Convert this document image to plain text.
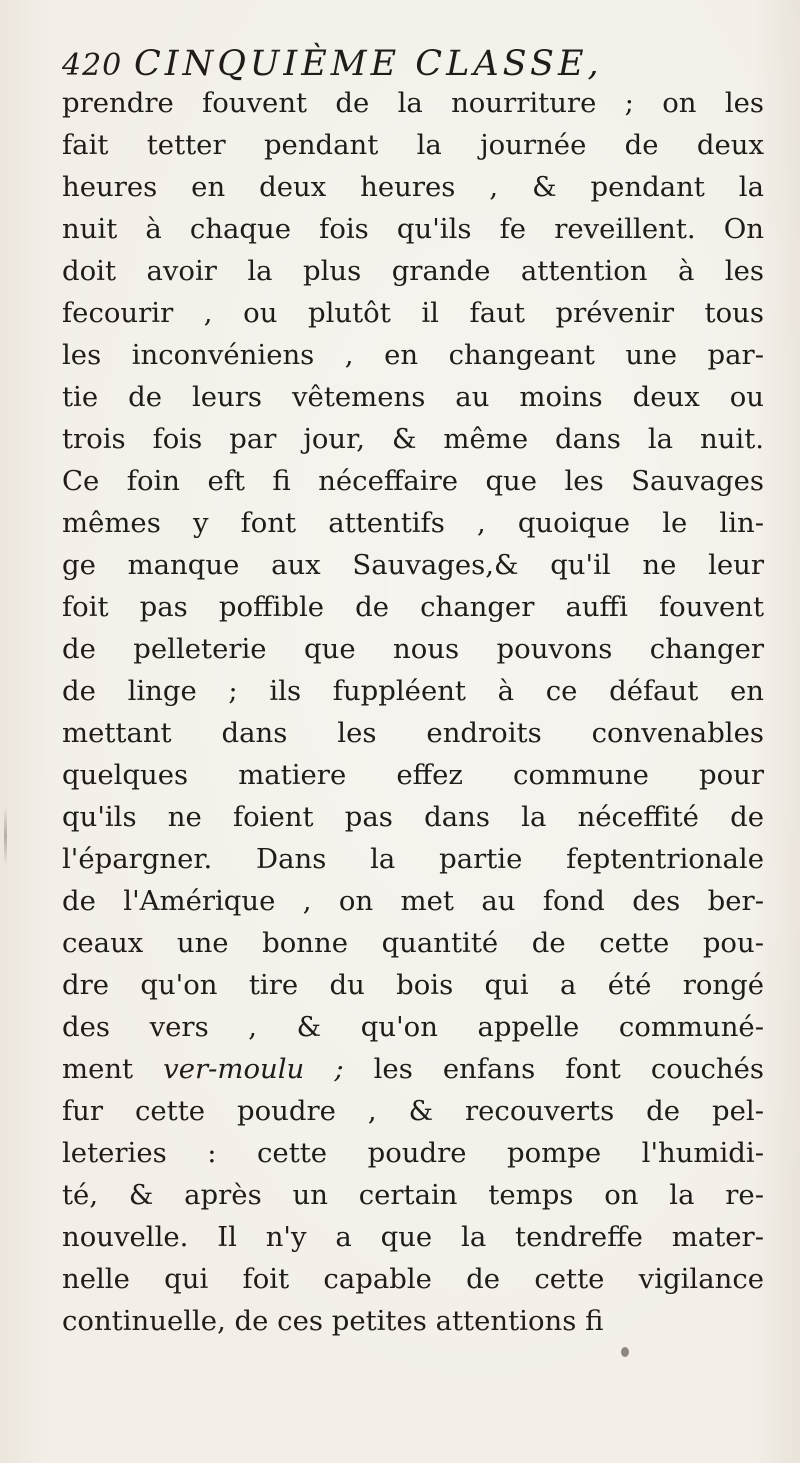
420 CINQUIÈME CLASSE,
prendre fouvent de la nourriture ; on les
fait tetter pendant la journée de deux
heures en deux heures , & pendant la
nuit à chaque fois qu'ils fe reveillent. On
doit avoir la plus grande attention à les
fecourir , ou plutôt il faut prévenir tous
les inconvéniens , en changeant une par-
tie de leurs vêtemens au moins deux ou
trois fois par jour, & même dans la nuit.
Ce foin eft fi néceffaire que les Sauvages
mêmes y font attentifs , quoique le lin-
ge manque aux Sauvages,& qu'il ne leur
foit pas poffible de changer auffi fouvent
de pelleterie que nous pouvons changer
de linge ; ils fuppléent à ce défaut en
mettant dans les endroits convenables
quelques matiere effez commune pour
qu'ils ne foient pas dans la néceffité de
l'épargner. Dans la partie feptentrionale
de l'Amérique , on met au fond des ber-
ceaux une bonne quantité de cette pou-
dre qu'on tire du bois qui a été rongé
des vers , & qu'on appelle communé-
ment ver-moulu ; les enfans font couchés
fur cette poudre , & recouverts de pel-
leteries : cette poudre pompe l'humidi-
té, & après un certain temps on la re-
nouvelle. Il n'y a que la tendreffe mater-
nelle qui foit capable de cette vigilance
continuelle, de ces petites attentions fi
